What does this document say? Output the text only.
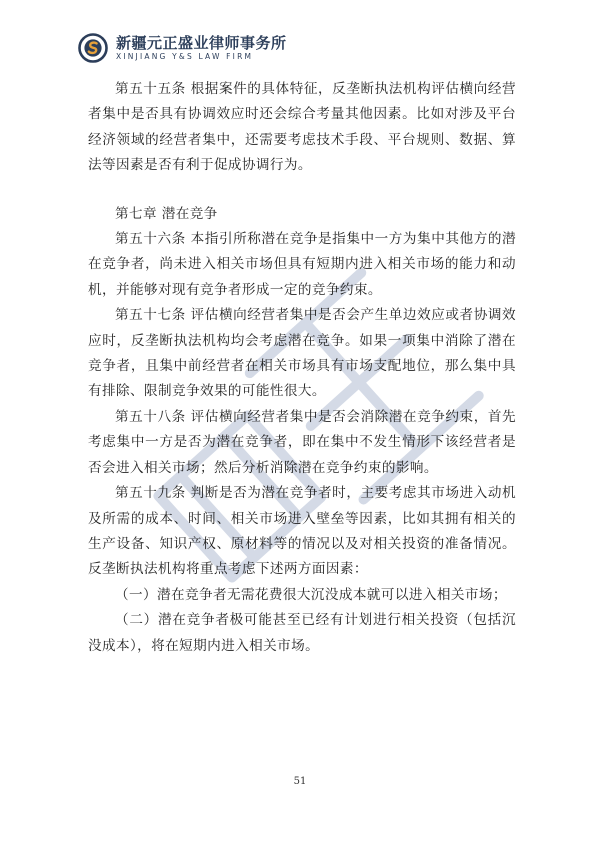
新疆元正盛业律师事务所
XINJIANG Y&S LAW FIRM

第五十五条 根据案件的具体特征，反垄断执法机构评估横向经营者集中是否具有协调效应时还会综合考量其他因素。比如对涉及平台经济领域的经营者集中，还需要考虑技术手段、平台规则、数据、算法等因素是否有利于促成协调行为。

第七章 潜在竞争

第五十六条 本指引所称潜在竞争是指集中一方为集中其他方的潜在竞争者，尚未进入相关市场但具有短期内进入相关市场的能力和动机，并能够对现有竞争者形成一定的竞争约束。

第五十七条 评估横向经营者集中是否会产生单边效应或者协调效应时，反垄断执法机构均会考虑潜在竞争。如果一项集中消除了潜在竞争者，且集中前经营者在相关市场具有市场支配地位，那么集中具有排除、限制竞争效果的可能性很大。

第五十八条 评估横向经营者集中是否会消除潜在竞争约束，首先考虑集中一方是否为潜在竞争者，即在集中不发生情形下该经营者是否会进入相关市场；然后分析消除潜在竞争约束的影响。

第五十九条 判断是否为潜在竞争者时，主要考虑其市场进入动机及所需的成本、时间、相关市场进入壁垒等因素，比如其拥有相关的生产设备、知识产权、原材料等的情况以及对相关投资的准备情况。反垄断执法机构将重点考虑下述两方面因素：

（一）潜在竞争者无需花费很大沉没成本就可以进入相关市场；

（二）潜在竞争者极可能甚至已经有计划进行相关投资（包括沉没成本），将在短期内进入相关市场。

51
